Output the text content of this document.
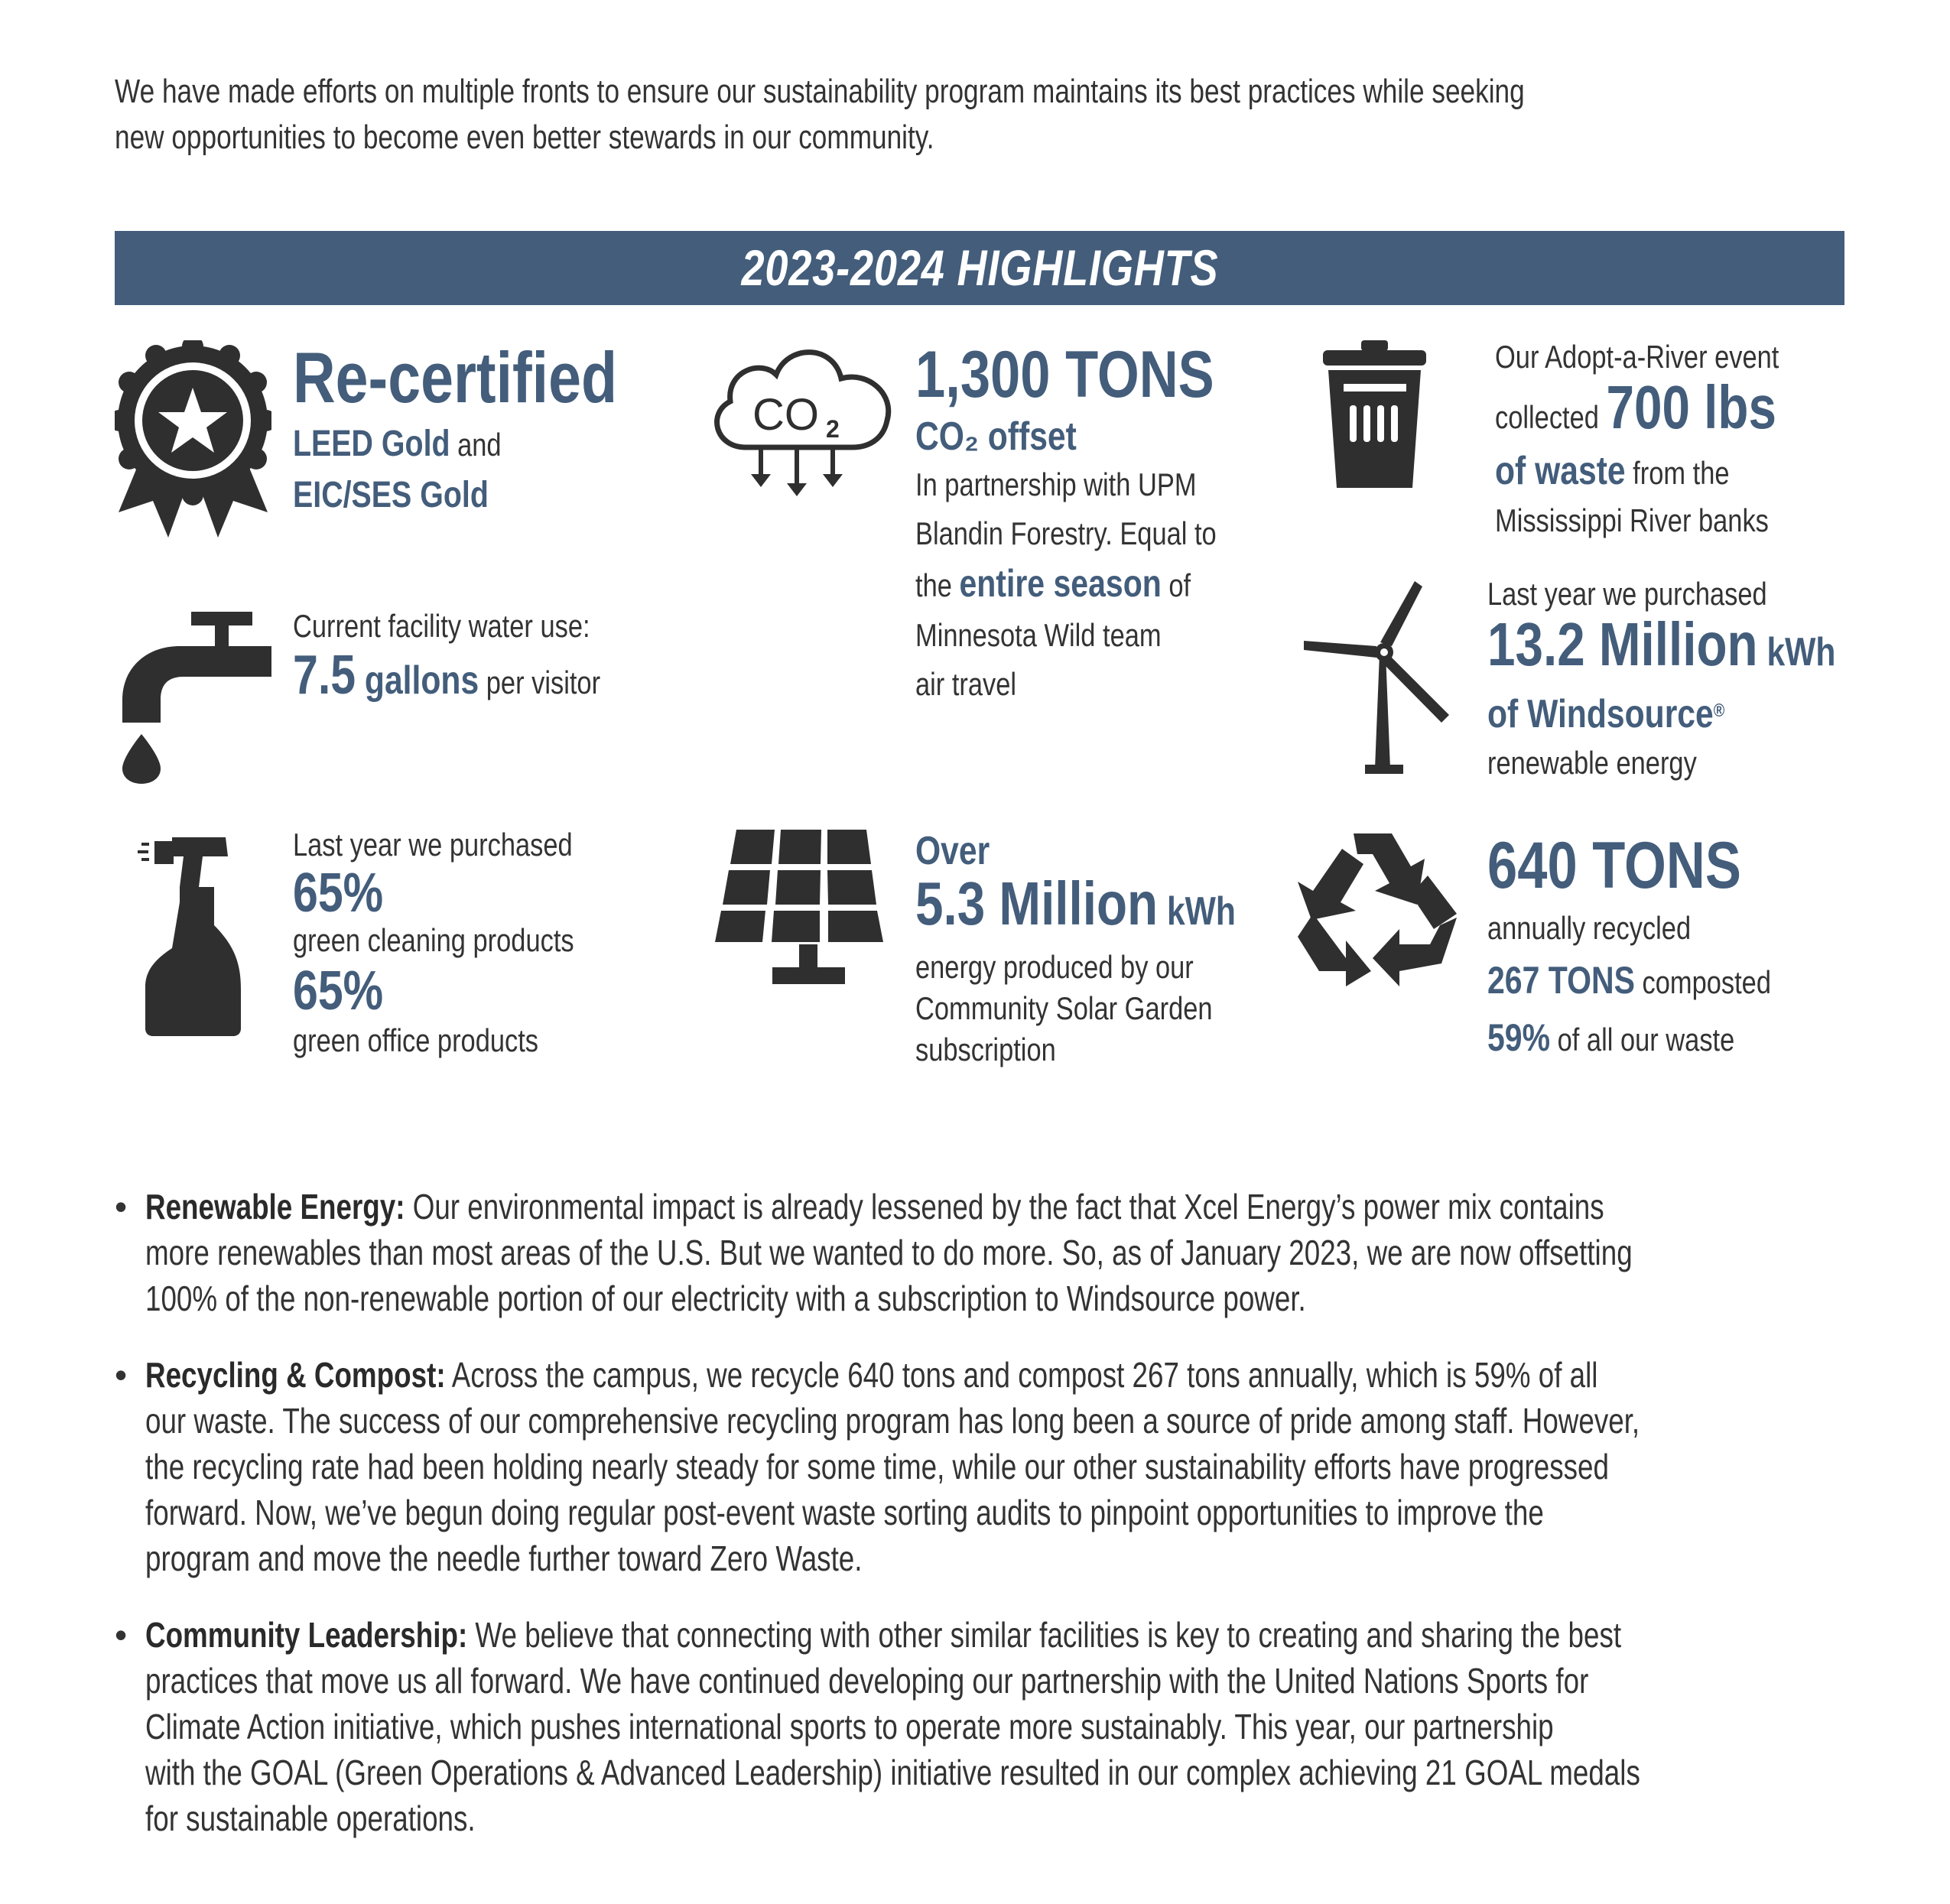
We have made efforts on multiple fronts to ensure our sustainability program maintains its best practices while seeking
new opportunities to become even better stewards in our community.
2023-2024 HIGHLIGHTS
CO 2
Re-certified
LEED Gold and
EIC/SES Gold
Current facility water use:
7.5 gallons per visitor
Last year we purchased
65%
green cleaning products
65%
green office products
1,300 TONS
CO₂ offset
In partnership with UPM
Blandin Forestry. Equal to
the entire season of
Minnesota Wild team
air travel
Over
5.3 Million kWh
energy produced by our
Community Solar Garden
subscription
Our Adopt-a-River event
collected 700 lbs
of waste from the
Mississippi River banks
Last year we purchased
13.2 Million kWh
of Windsource®
renewable energy
640 TONS
annually recycled
267 TONS composted
59% of all our waste
• Renewable Energy: Our environmental impact is already lessened by the fact that Xcel Energy’s power mix contains
more renewables than most areas of the U.S. But we wanted to do more. So, as of January 2023, we are now offsetting
100% of the non-renewable portion of our electricity with a subscription to Windsource power.
• Recycling & Compost: Across the campus, we recycle 640 tons and compost 267 tons annually, which is 59% of all
our waste. The success of our comprehensive recycling program has long been a source of pride among staff. However,
the recycling rate had been holding nearly steady for some time, while our other sustainability efforts have progressed
forward. Now, we’ve begun doing regular post-event waste sorting audits to pinpoint opportunities to improve the
program and move the needle further toward Zero Waste.
• Community Leadership: We believe that connecting with other similar facilities is key to creating and sharing the best
practices that move us all forward. We have continued developing our partnership with the United Nations Sports for
Climate Action initiative, which pushes international sports to operate more sustainably. This year, our partnership
with the GOAL (Green Operations & Advanced Leadership) initiative resulted in our complex achieving 21 GOAL medals
for sustainable operations.
